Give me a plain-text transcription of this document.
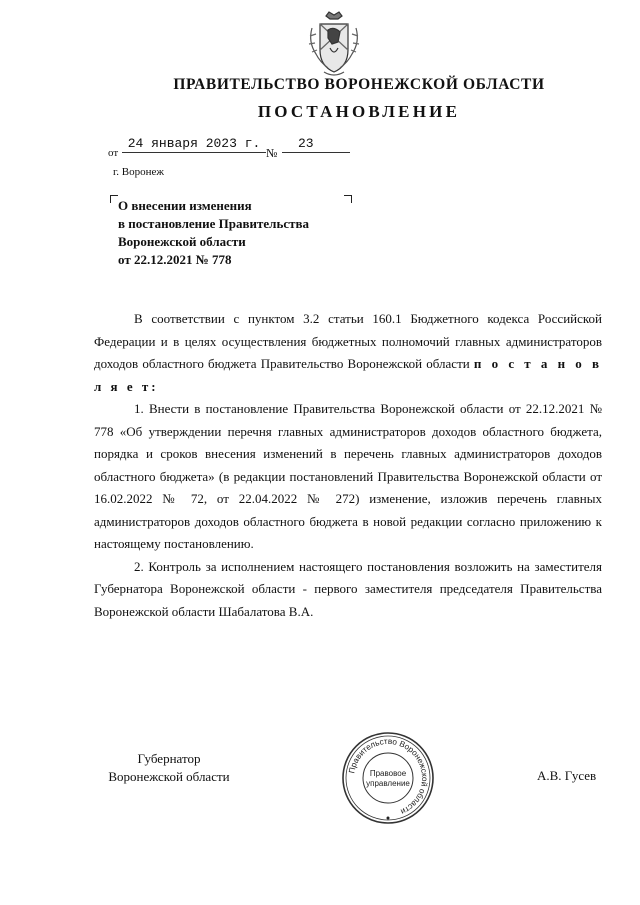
ПРАВИТЕЛЬСТВО ВОРОНЕЖСКОЙ ОБЛАСТИ
ПОСТАНОВЛЕНИЕ
от
24 января 2023 г.
№
23
г. Воронеж
О внесении изменения
в постановление Правительства
Воронежской области
от 22.12.2021 № 778

В соответствии с пунктом 3.2 статьи 160.1 Бюджетного кодекса Российской Федерации и в целях осуществления бюджетных полномочий главных администраторов доходов областного бюджета Правительство Воронежской области п о с т а н о в л я е т:

1. Внести в постановление Правительства Воронежской области от 22.12.2021 № 778 «Об утверждении перечня главных администраторов доходов областного бюджета, порядка и сроков внесения изменений в перечень главных администраторов доходов областного бюджета» (в редакции постановлений Правительства Воронежской области от 16.02.2022 № 72, от 22.04.2022 № 272) изменение, изложив перечень главных администраторов доходов областного бюджета в новой редакции согласно приложению к настоящему постановлению.

2. Контроль за исполнением настоящего постановления возложить на заместителя Губернатора Воронежской области - первого заместителя председателя Правительства Воронежской области Шабалатова В.А.

Губернатор
Воронежской области	Правительство Воронежской области
Правовое
управление
А.В. Гусев
